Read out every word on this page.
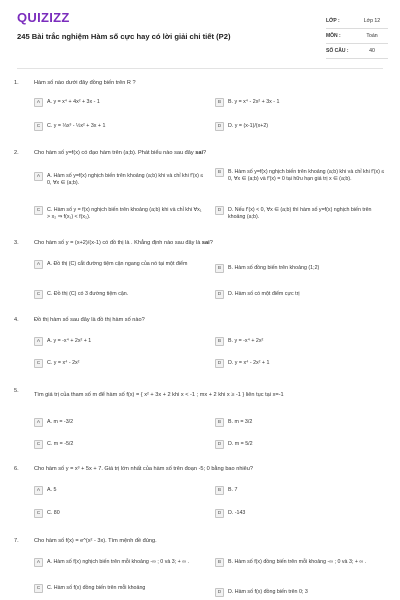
QUIZIZZ
245 Bài trắc nghiệm Hàm số cực hay có lời giải chi tiết (P2)
LỚP :	Lớp 12
MÔN :	Toán
SỐ CÂU :	40
1.	Hàm số nào dưới đây đồng biến trên R ?
A	A. y = x⁴ + 4x² + 3x - 1	B	B. y = x⁴ - 2x² + 3x - 1
C	C. y = ⅓x³ - ½x² + 3x + 1	D	D. y = (x-1)/(x+2)
2.	Cho hàm số y=f(x) có đạo hàm trên (a;b). Phát biểu nào sau đây sai?
A	A. Hàm số y=f(x) nghịch biến trên khoảng (a;b) khi và chỉ khi f'(x) ≤ 0, ∀x ∈ (a;b).
B	B. Hàm số y=f(x) nghịch biến trên khoảng (a;b) khi và chỉ khi f'(x) ≤ 0, ∀x ∈ (a;b) và f'(x) = 0 tại hữu hạn giá trị x ∈ (a;b).
C	C. Hàm số y = f(x) nghịch biến trên khoảng (a;b) khi và chỉ khi ∀x₁ > x₂ ⇒ f(x₁) < f(x₂).
D	D. Nếu f'(x) < 0, ∀x ∈ (a;b) thì hàm số y=f(x) nghịch biến trên khoảng (a;b).
3.	Cho hàm số y = (x+2)/(x-1) có đồ thị là . Khẳng định nào sau đây là sai?
A	A. Đồ thị (C) cắt đường tiệm cận ngang của nó tại một điểm
B	B. Hàm số đồng biến trên khoảng (1;2)
C	C. Đồ thị (C) có 3 đường tiệm cận.	D	D. Hàm số có một điểm cực trị
4.	Đồ thị hàm số sau đây là đồ thị hàm số nào?
A	A. y = -x⁴ + 2x² + 1	B	B. y = -x⁴ + 2x²
C	C. y = x⁴ - 2x²	D	D. y = x⁴ - 2x² + 1
5.
Tìm giá trị của tham số m để hàm số f(x) = { x² + 3x + 2 khi x < -1 ; mx + 2 khi x ≥ -1 } liên tục tại x=-1
A	A. m = -3/2	B	B. m = 3/2
C	C. m = -5/2	D	D. m = 5/2
6.	Cho hàm số y = x³ + 5x + 7. Giá trị lớn nhất của hàm số trên đoạn -5; 0 bằng bao nhiêu?
A	A. 5	B	B. 7
C	C. 80	D	D. -143
7.	Cho hàm số f(x) = e^(x² - 3x). Tìm mệnh đề đúng.
A	A. Hàm số f(x) nghịch biến trên mỗi khoảng -∞ ; 0 và 3; + ∞ .	B	B. Hàm số f(x) đồng biến trên mỗi khoảng -∞ ; 0 và 3; + ∞ .
C	C. Hàm số f(x) đồng biến trên mỗi khoảng
D	D. Hàm số f(x) đồng biến trên 0; 3
